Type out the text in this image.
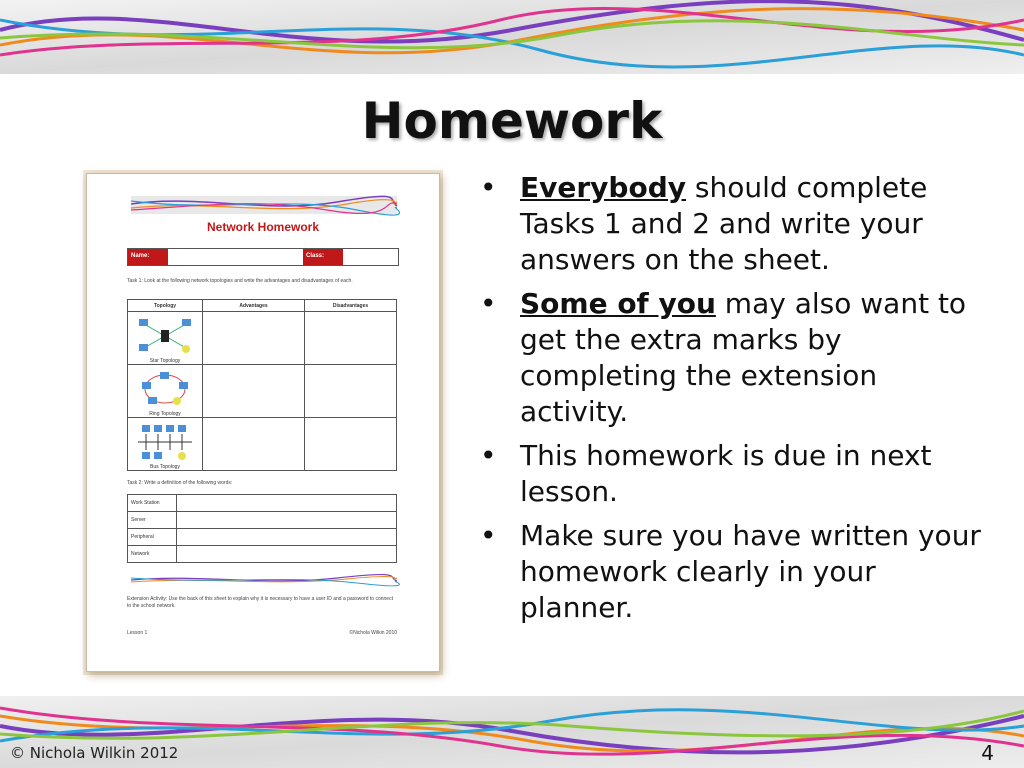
Homework
Network Homework
Name:	Class:
Task 1: Look at the following network topologies and write the advantages and disadvantages of each.
Topology	Advantages	Disadvantages

Star Topology		

Ring Topology		

Bus Topology		

Task 2: Write a definition of the following words:
Work Station	
Server	
Peripheral	
Network	
Extension Activity: Use the back of this sheet to explain why it is necessary to have a user ID and a password to connect to the school network.
Lesson 1	©Nichola Wilkin 2010
• Everybody should complete Tasks 1 and 2 and write your answers on the sheet.
• Some of you may also want to get the extra marks by completing the extension activity.
• This homework is due in next lesson.
• Make sure you have written your homework clearly in your planner.
© Nichola Wilkin 2012	4
